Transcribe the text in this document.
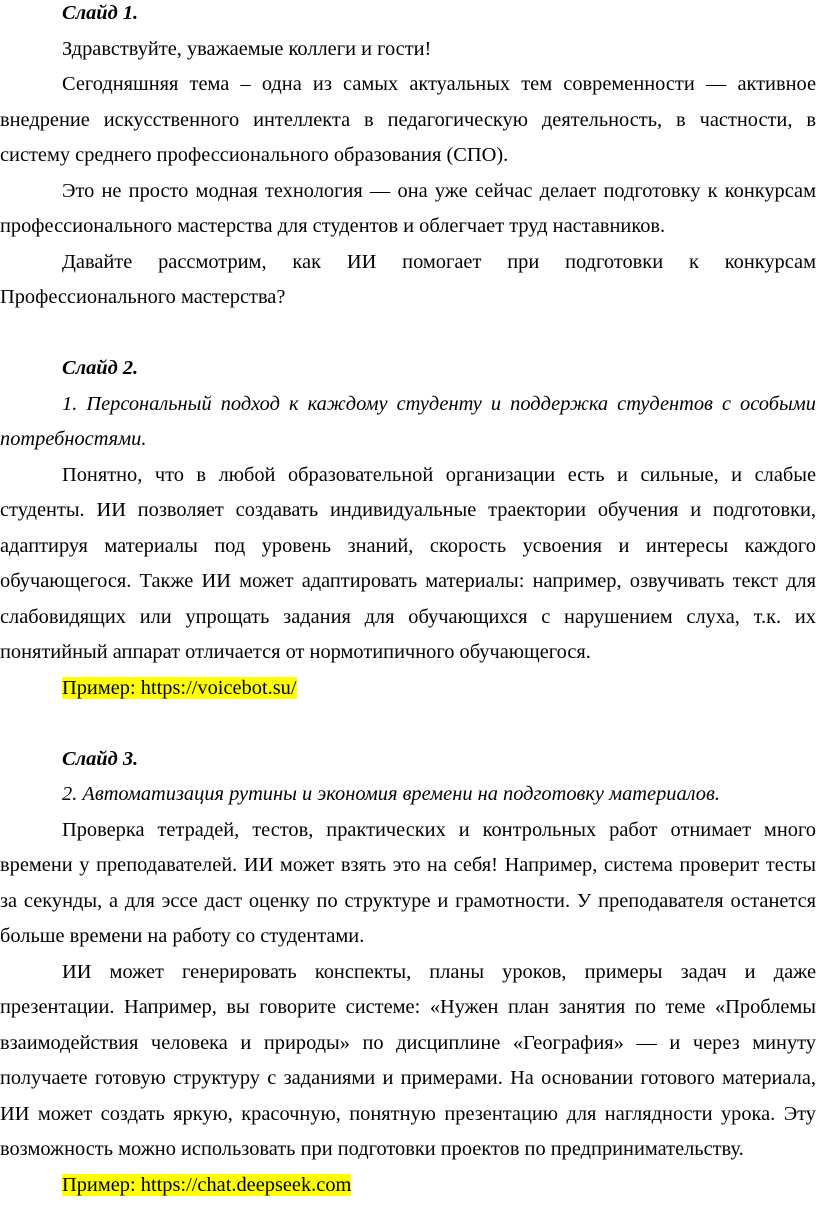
Слайд 1.

Здравствуйте, уважаемые коллеги и гости!

Сегодняшняя тема – одна из самых актуальных тем современности — активное внедрение искусственного интеллекта в педагогическую деятельность, в частности, в систему среднего профессионального образования (СПО).

Это не просто модная технология — она уже сейчас делает подготовку к конкурсам профессионального мастерства для студентов и облегчает труд наставников.

Давайте рассмотрим, как ИИ помогает при подготовки к конкурсам Профессионального мастерства?

Слайд 2.

1. Персональный подход к каждому студенту и поддержка студентов с особыми потребностями.

Понятно, что в любой образовательной организации есть и сильные, и слабые студенты. ИИ позволяет создавать индивидуальные траектории обучения и подготовки, адаптируя материалы под уровень знаний, скорость усвоения и интересы каждого обучающегося. Также ИИ может адаптировать материалы: например, озвучивать текст для слабовидящих или упрощать задания для обучающихся с нарушением слуха, т.к. их понятийный аппарат отличается от нормотипичного обучающегося.

Пример: https://voicebot.su/

Слайд 3.

2. Автоматизация рутины и экономия времени на подготовку материалов.

Проверка тетрадей, тестов, практических и контрольных работ отнимает много времени у преподавателей. ИИ может взять это на себя! Например, система проверит тесты за секунды, а для эссе даст оценку по структуре и грамотности. У преподавателя останется больше времени на работу со студентами.

ИИ может генерировать конспекты, планы уроков, примеры задач и даже презентации. Например, вы говорите системе: «Нужен план занятия по теме «Проблемы взаимодействия человека и природы» по дисциплине «География» — и через минуту получаете готовую структуру с заданиями и примерами. На основании готового материала, ИИ может создать яркую, красочную, понятную презентацию для наглядности урока. Эту возможность можно использовать при подготовки проектов по предпринимательству.

Пример: https://chat.deepseek.com
